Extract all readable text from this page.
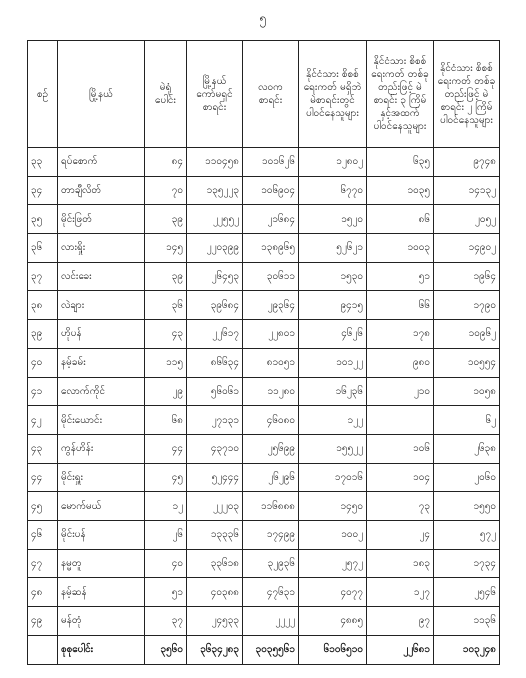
၅
စဉ်	မြို့နယ်	မဲရုံ ပေါင်း	မြို့နယ် ကော်မရှင် စာရင်း	လဝက စာရင်း	နိုင်ငံသား စိစစ်ရေးကတ် မရှိဘဲ မဲစာရင်းတွင် ပါဝင်နေသူများ	နိုင်ငံသား စိစစ်ရေးကတ် တစ်ခုတည်းဖြင့် မဲစာရင်း ၃ ကြိမ် နှင့်အထက် ပါဝင်နေသူများ	နိုင်ငံသား စိစစ်ရေးကတ် တစ်ခုတည်းဖြင့် မဲစာရင်း ၂ ကြိမ် ပါဝင်နေသူများ
၃၃	ရပ်စောက်	၈၄	၁၁၀၄၅၈	၁၀၁၆၂၆	၁၂၈၀၂	၆၃၅	၉၇၄၈
၃၄	တာချီလိတ်	၇၀	၁၃၅၂၂၃	၁၀၆၉၀၄	၆၇၇၀	၁၀၃၅	၁၄၁၃၂
၃၅	မိုင်းဖြတ်	၃၉	၂၂၅၅၂	၂၁၆၈၄	၁၅၂၀	၈၆	၂၀၅၂
၃၆	လားရှိုး	၁၄၅	၂၂၀၃၉၉	၁၃၈၉၆၅	၅၂၆၂၁	၁၀၀၃	၁၄၉၀၂
၃၇	လင်းခေး	၃၉	၂၆၄၅၃	၃၀၆၁၁	၁၅၃၀	၅၁	၁၉၆၄
၃၈	လဲချား	၃၆	၃၉၆၈၄	၂၉၃၆၄	၉၄၁၅	၆၆	၁၇၉၀
၃၉	ဟိုပန်	၄၃	၂၂၆၁၇	၂၂၈၀၁	၄၆၂၆	၁၇၈	၁၀၉၆၂
၄၀	နမ့်ခမ်း	၁၁၅	၈၆၆၃၄	၈၁၀၅၁	၁၀၁၂၂	၉၈၀	၁၀၅၅၄
၄၁	လောက်ကိုင်	၂၉	၅၆၀၆၁	၁၁၂၈၀	၁၆၂၃၆	၂၁၀	၁၀၅၈
၄၂	မိုင်းယောင်း	၆၈	၂၇၁၃၁	၄၆၀၈၀	၁၂၂		၆၂
၄၃	ကွန်ဟိန်း	၄၄	၄၃၇၁၀	၂၅၆၉၉	၁၅၅၂၂	၁၀၆	၂၆၃၈
၄၄	မိုင်းရှူး	၄၅	၅၂၄၄၄	၂၆၂၉၆	၁၇၀၁၆	၁၀၄	၂၀၆၀
၄၅	မောက်မယ်	၁၂	၂၂၂၀၃	၁၁၆၈၈၈	၁၄၅၀	၇၃	၁၅၅၀
၄၆	မိုင်းပန်	၂၆	၁၃၃၃၆	၁၇၄၉၉	၁၀၀၂	၂၄	၅၇၂
၄၇	နမ္မတူ	၄၀	၃၃၆၁၈	၃၂၉၃၆	၂၅၇၂	၁၈၃	၁၇၃၄
၄၈	နမ့်ဆန်	၅၁	၄၀၃၈၈	၄၇၆၃၁	၄၀၇၇	၁၂၇	၂၅၄၆
၄၉	မန်တုံ	၃၇	၂၄၅၃၃	၂၂၂၂	၄၈၈၅	၉၇	၁၁၃၆
	စုစုပေါင်း	၃၅၆၀	၃၆၃၄၂၈၃	၃၀၃၅၅၆၁	၆၁၀၆၅၁၀	၂၂၆၈၁	၁၀၃၂၄၈
